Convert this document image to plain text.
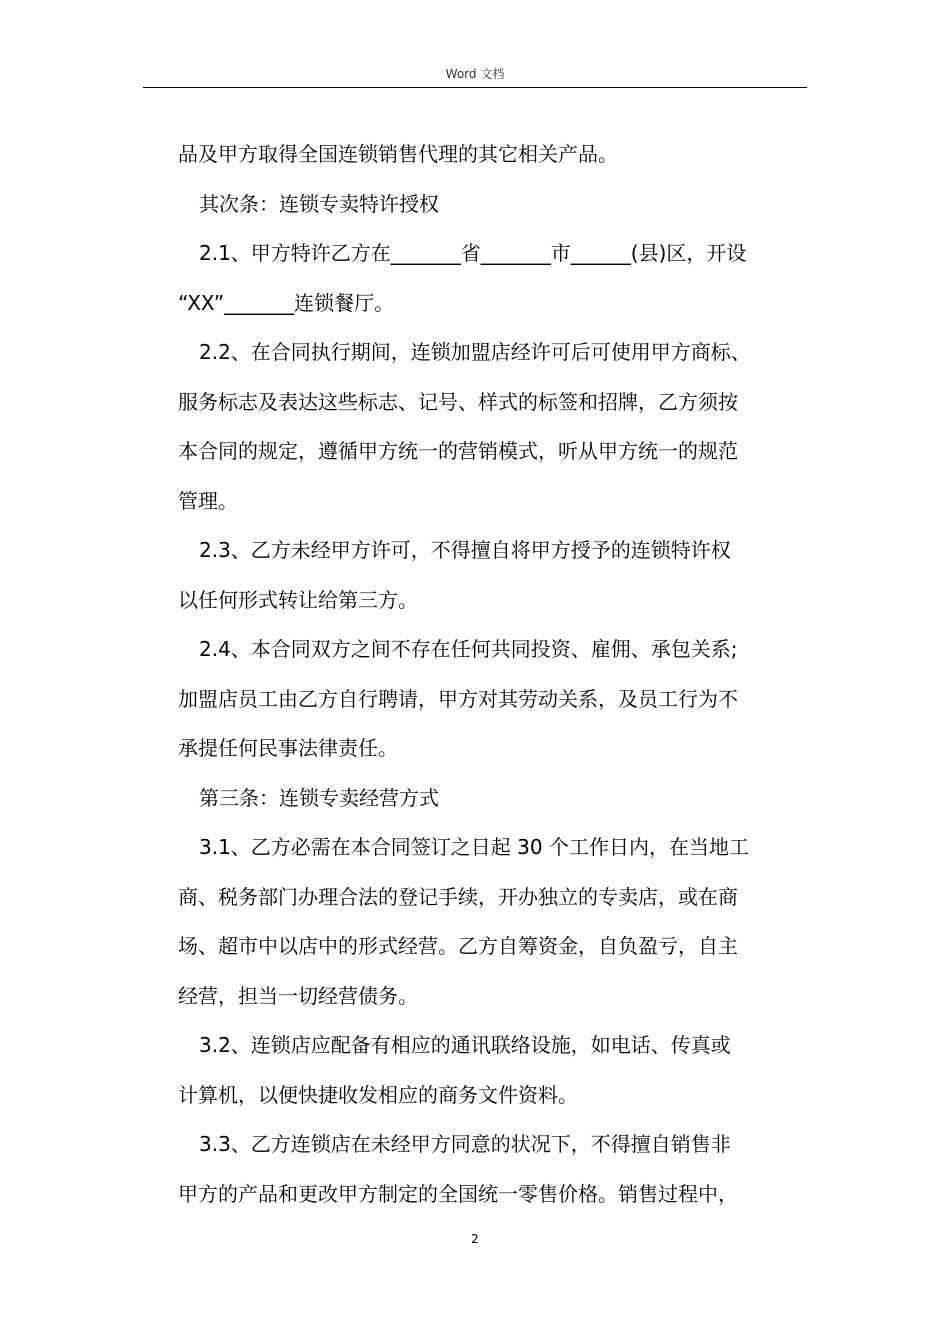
Word 文档

品及甲方取得全国连锁销售代理的其它相关产品。

其次条：连锁专卖特许授权

2.1、甲方特许乙方在_______省_______市______(县)区，开设

“XX”_______连锁餐厅。

2.2、在合同执行期间，连锁加盟店经许可后可使用甲方商标、

服务标志及表达这些标志、记号、样式的标签和招牌，乙方须按

本合同的规定，遵循甲方统一的营销模式，听从甲方统一的规范

管理。

2.3、乙方未经甲方许可，不得擅自将甲方授予的连锁特许权

以任何形式转让给第三方。

2.4、本合同双方之间不存在任何共同投资、雇佣、承包关系;

加盟店员工由乙方自行聘请，甲方对其劳动关系，及员工行为不

承提任何民事法律责任。

第三条：连锁专卖经营方式

3.1、乙方必需在本合同签订之日起 30 个工作日内，在当地工

商、税务部门办理合法的登记手续，开办独立的专卖店，或在商

场、超市中以店中的形式经营。乙方自筹资金，自负盈亏，自主

经营，担当一切经营债务。

3.2、连锁店应配备有相应的通讯联络设施，如电话、传真或

计算机，以便快捷收发相应的商务文件资料。

3.3、乙方连锁店在未经甲方同意的状况下，不得擅自销售非

甲方的产品和更改甲方制定的全国统一零售价格。销售过程中，

2
